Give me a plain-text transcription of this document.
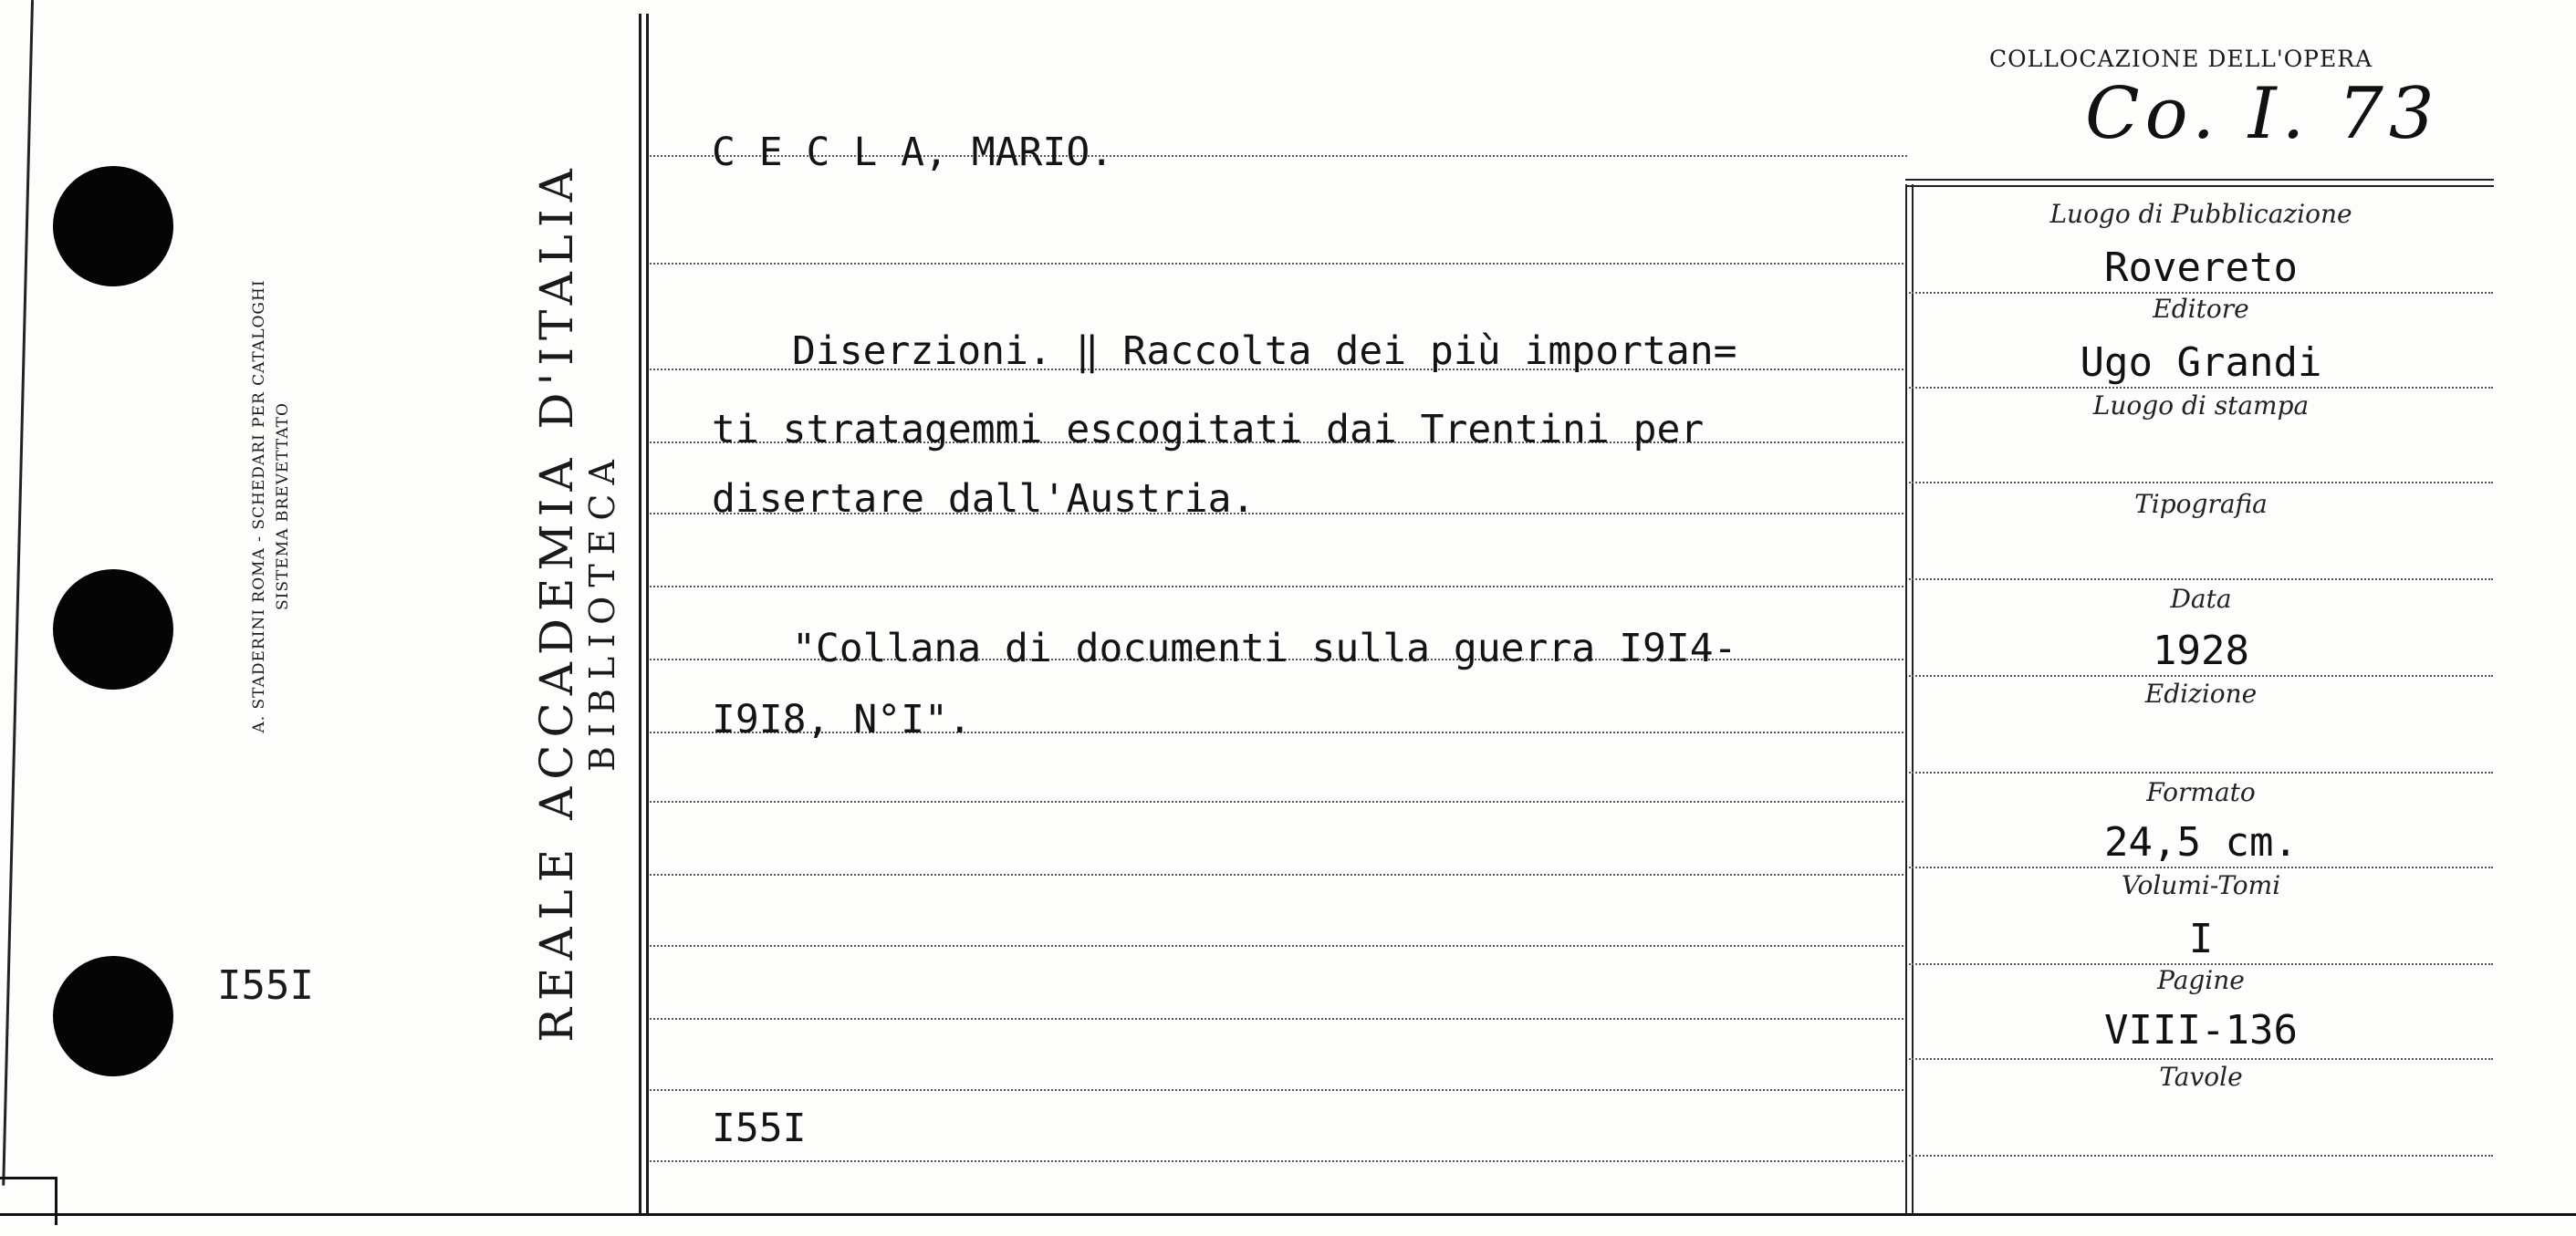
A. STADERINI ROMA - SCHEDARI PER CATALOGHI SISTEMA BREVETTATO
I55I	REALE ACCADEMIA D'ITALIA BIBLIOTECA
C E C L A, MARIO.
Diserzioni. ‖ Raccolta dei più importan=
ti stratagemmi escogitati dai Trentini per
disertare dall'Austria.
"Collana di documenti sulla guerra I9I4-
I9I8, N°I".
I55I
COLLOCAZIONE DELL'OPERA
Co. I. 73
Luogo di Pubblicazione
Rovereto
Editore
Ugo Grandi
Luogo di stampa
Tipografia
Data
1928
Edizione
Formato
24,5 cm.
Volumi-Tomi
I
Pagine
VIII-136
Tavole
